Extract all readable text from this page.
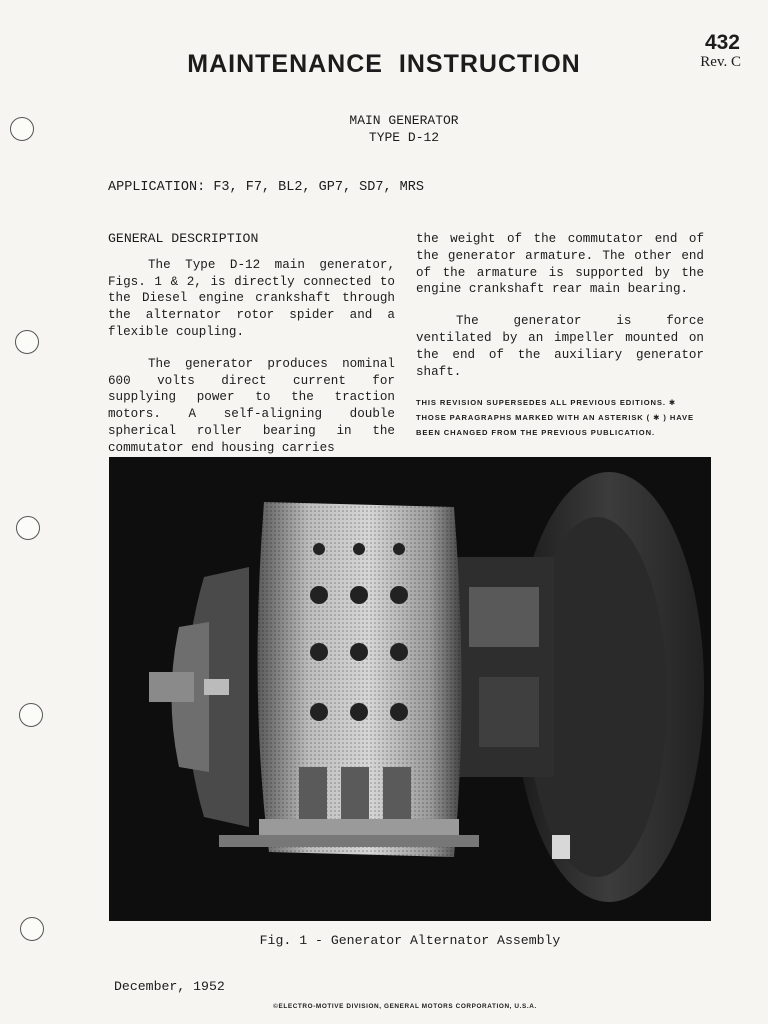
MAINTENANCE INSTRUCTION
432
Rev. C
MAIN GENERATOR
TYPE D-12
APPLICATION: F3, F7, BL2, GP7, SD7, MRS
GENERAL DESCRIPTION

The Type D-12 main generator, Figs. 1 & 2, is directly connected to the Diesel engine crankshaft through the alternator rotor spider and a flexible coupling.

The generator produces nominal 600 volts direct current for supplying power to the traction motors. A self-aligning double spherical roller bearing in the commutator end housing carries

the weight of the commutator end of the generator armature. The other end of the armature is supported by the engine crankshaft rear main bearing.

The generator is force ventilated by an impeller mounted on the end of the auxiliary generator shaft.

THIS REVISION SUPERSEDES ALL PREVIOUS EDITIONS. ✱
THOSE PARAGRAPHS MARKED WITH AN ASTERISK ( ✱ ) HAVE
BEEN CHANGED FROM THE PREVIOUS PUBLICATION.
Fig. 1 - Generator Alternator Assembly
December, 1952
©ELECTRO-MOTIVE DIVISION, GENERAL MOTORS CORPORATION, U.S.A.
